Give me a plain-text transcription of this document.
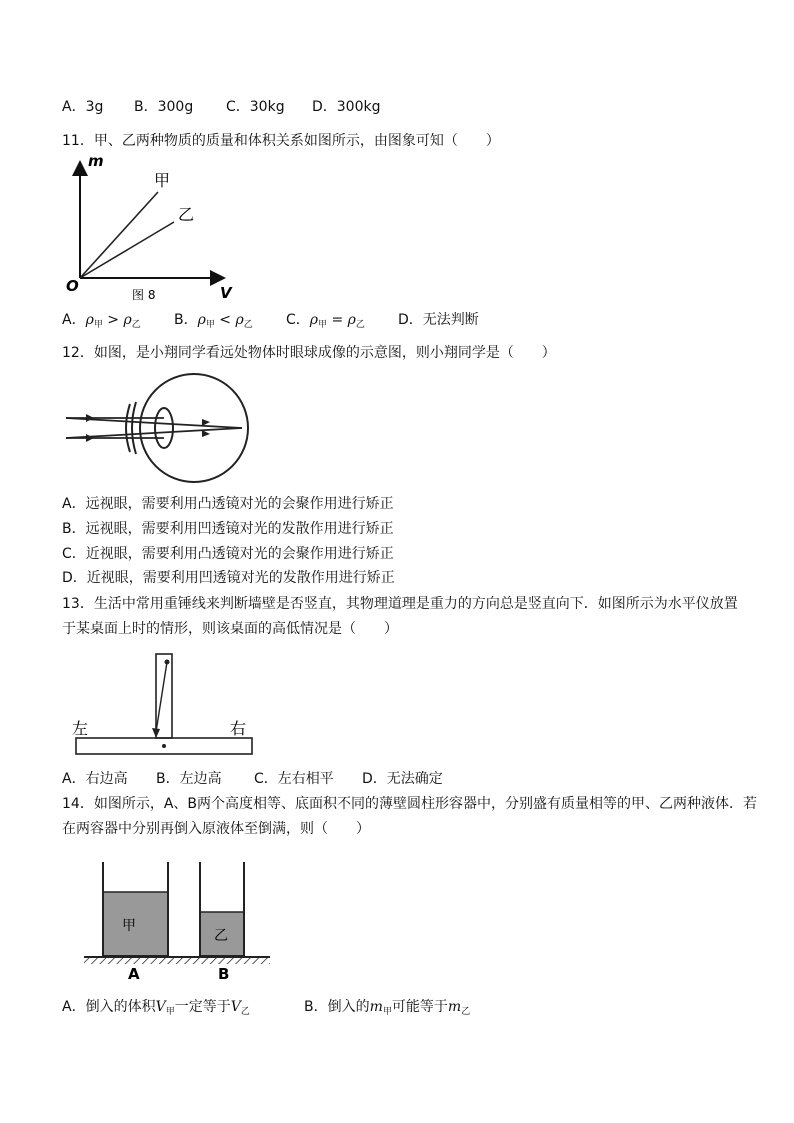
A．3g B．300g C．30kg D．300kg
11．甲、乙两种物质的质量和体积关系如图所示，由图象可知（　　）
m
V
O
甲
乙
图 8
A．$\rho_甲 > \rho_乙$ B．$\rho_甲 < \rho_乙$ C．$\rho_甲 = \rho_乙$ D．无法判断
12．如图，是小翔同学看远处物体时眼球成像的示意图，则小翔同学是（　　）
A．远视眼，需要利用凸透镜对光的会聚作用进行矫正
B．远视眼，需要利用凹透镜对光的发散作用进行矫正
C．近视眼，需要利用凸透镜对光的会聚作用进行矫正
D．近视眼，需要利用凹透镜对光的发散作用进行矫正
13．生活中常用重锤线来判断墙壁是否竖直，其物理道理是重力的方向总是竖直向下．如图所示为水平仪放置
于某桌面上时的情形，则该桌面的高低情况是（　　）
左	右
A．右边高 B．左边高 C．左右相平 D．无法确定
14．如图所示，A、B两个高度相等、底面积不同的薄壁圆柱形容器中，分别盛有质量相等的甲、乙两种液体．若
在两容器中分别再倒入原液体至倒满，则（　　）
甲
乙
A	B
A．倒入的体积$V_甲$一定等于$V_乙$	B．倒入的$m_甲$可能等于$m_乙$
